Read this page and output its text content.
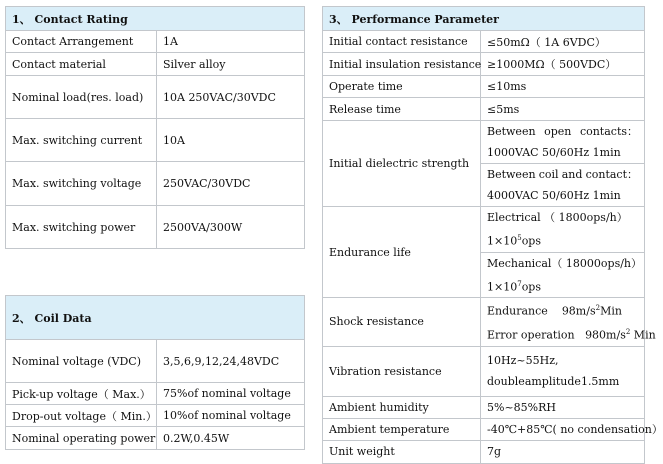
1、 Contact Rating	
Contact Arrangement	1A
Contact material	Silver alloy
Nominal load(res. load)	10A 250VAC/30VDC
Max. switching current	10A
Max. switching voltage	250VAC/30VDC
Max. switching power	2500VA/300W
2、 Coil Data	
Nominal voltage (VDC)	3,5,6,9,12,24,48VDC
Pick-up voltage（ Max.）	75%of nominal voltage
Drop-out voltage（ Min.）	10%of nominal voltage
Nominal operating power	0.2W,0.45W
3、 Performance Parameter	
Initial contact resistance	≤50mΩ（ 1A 6VDC）
Initial insulation resistance	≥1000MΩ（ 500VDC）
Operate time	≤10ms
Release time	≤5ms
Initial dielectric strength	Between open contacts：
1000VAC 50/60Hz 1min

	Between coil and contact：
4000VAC 50/60Hz 1min

Endurance life	Electrical （ 1800ops/h）
$1\times 10^5ops$

	Mechanical（ 18000ops/h）
$1\times 10^7ops$

Shock resistance	Endurance $98m/s^2Min$
Error operation $980m/s^2$ Min

Vibration resistance	10Hz~55Hz,
doubleamplitude1.5mm

Ambient humidity	5%~85%RH
Ambient temperature	-40℃+85℃( no condensation）
Unit weight	7g
